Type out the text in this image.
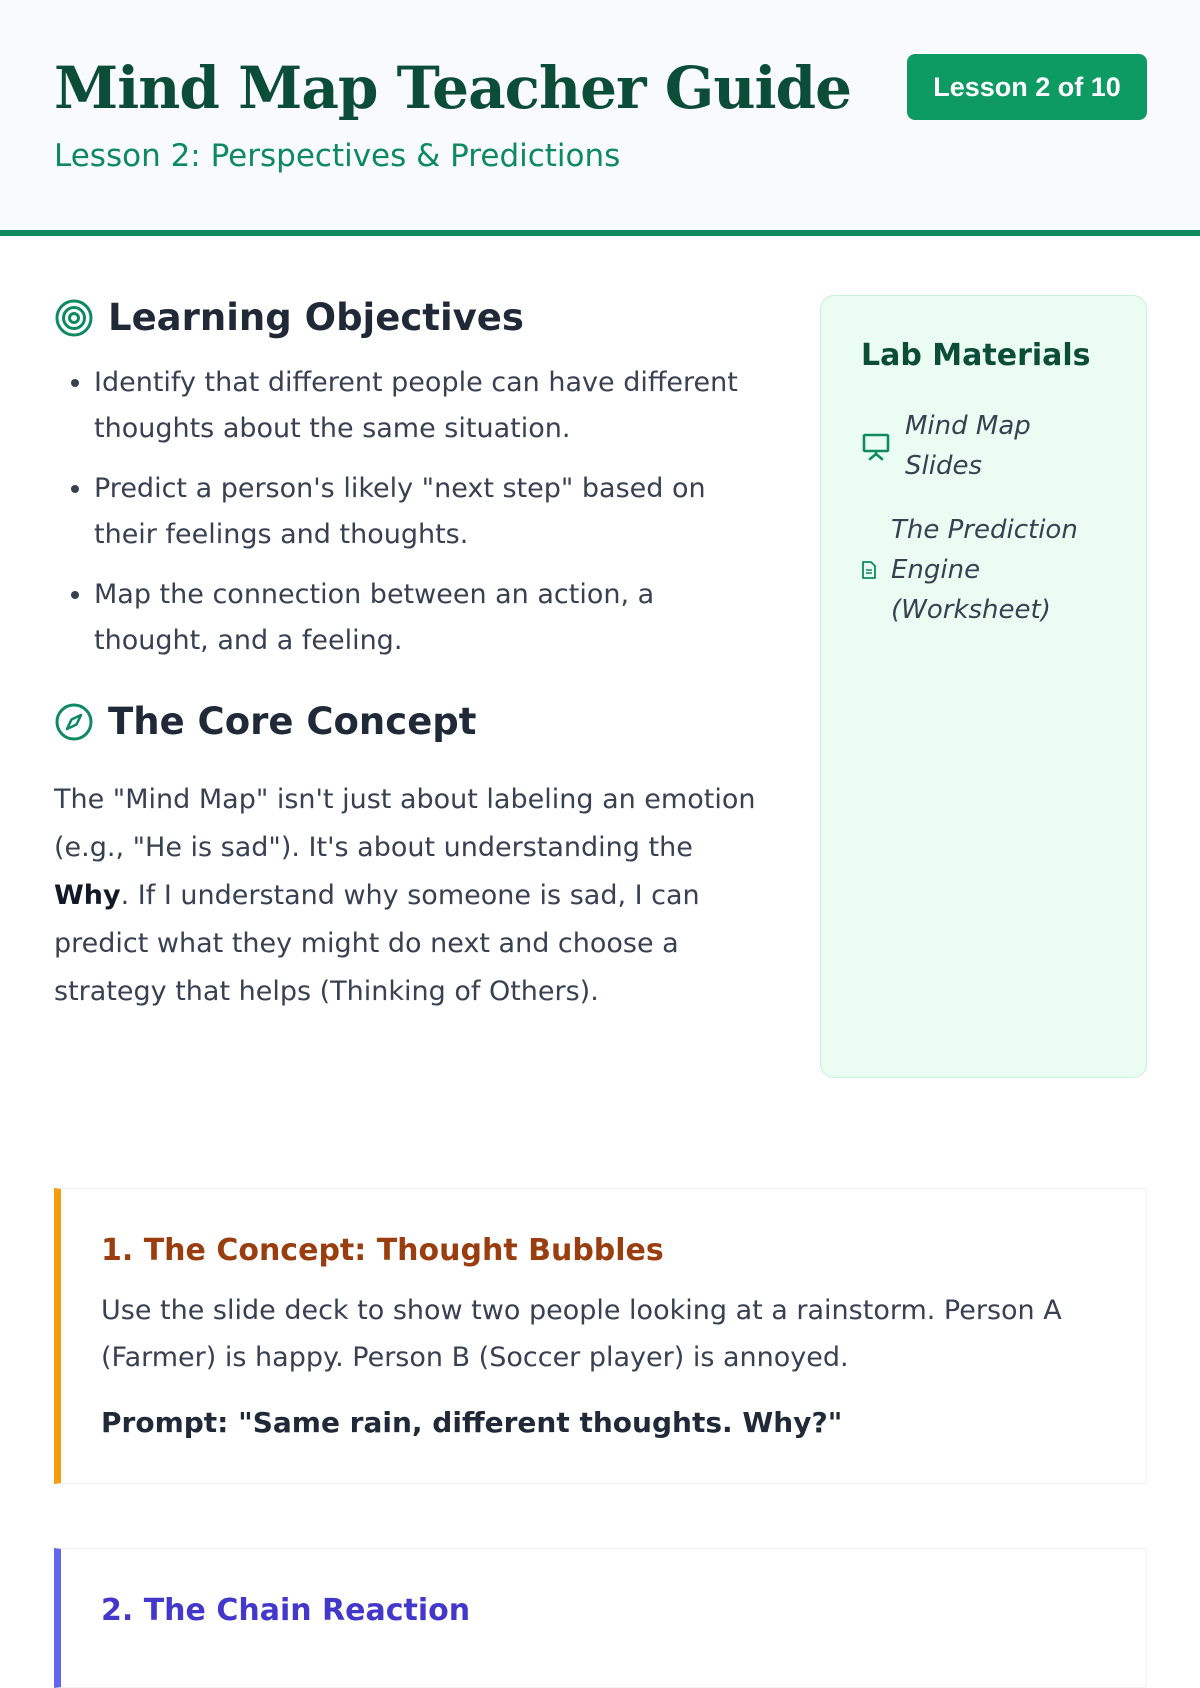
Mind Map Teacher Guide
Lesson 2: Perspectives & Predictions
Lesson 2 of 10
Learning Objectives
• Identify that different people can have different thoughts about the same situation.
• Predict a person's likely "next step" based on their feelings and thoughts.
• Map the connection between an action, a thought, and a feeling.
The Core Concept

The "Mind Map" isn't just about labeling an emotion (e.g., "He is sad"). It's about understanding the Why. If I understand why someone is sad, I can predict what they might do next and choose a strategy that helps (Thinking of Others).

Lab Materials
Mind Map Slides
The Prediction Engine (Worksheet)
1. The Concept: Thought Bubbles

Use the slide deck to show two people looking at a rainstorm. Person A (Farmer) is happy. Person B (Soccer player) is annoyed.

Prompt: "Same rain, different thoughts. Why?"

2. The Chain Reaction
